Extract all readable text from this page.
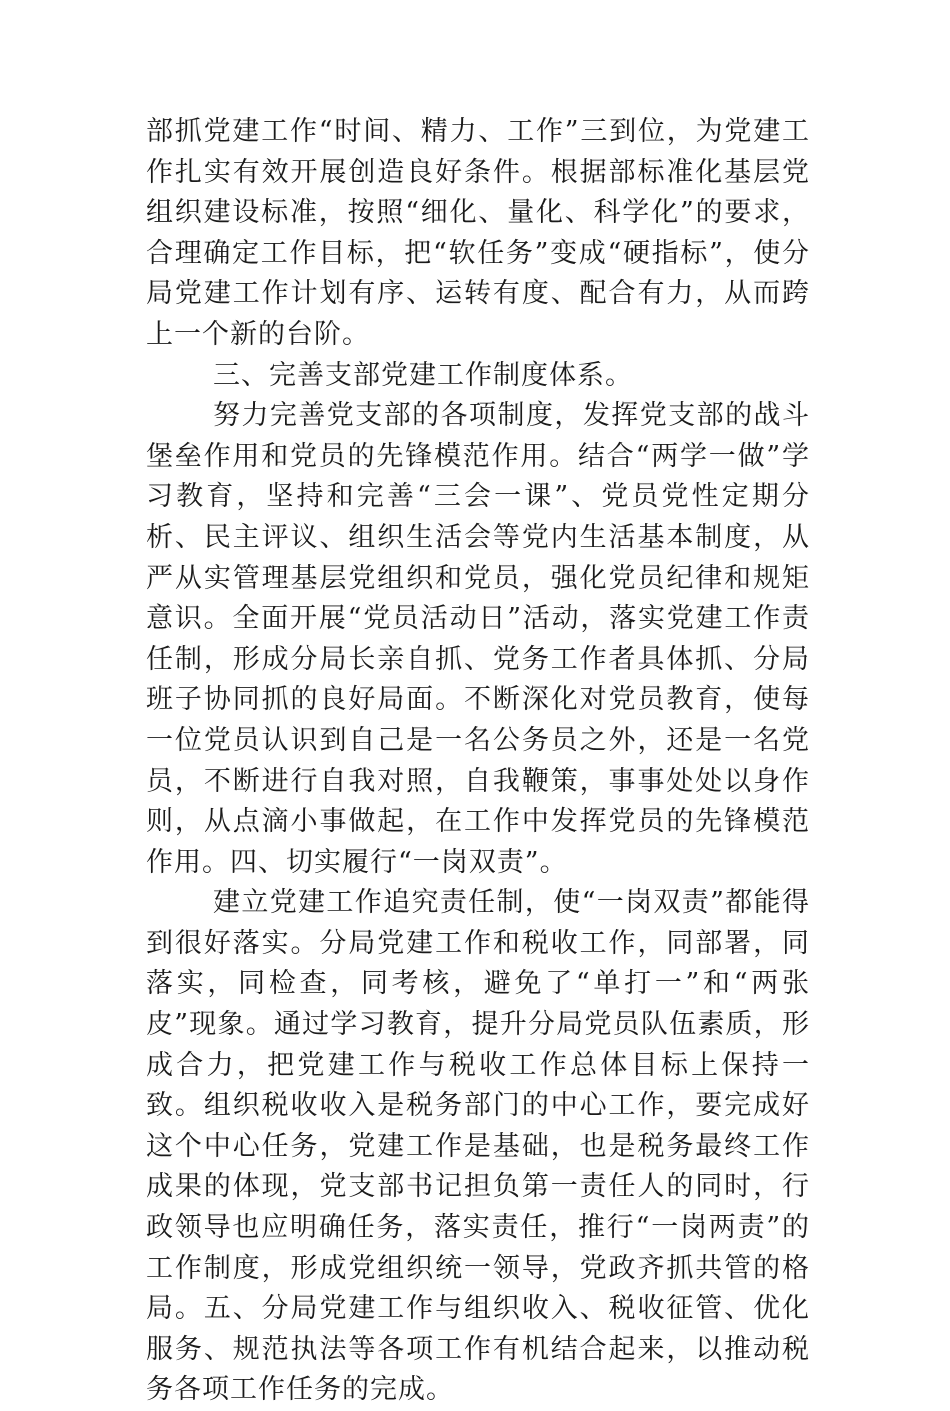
部抓党建工作“时间、精力、工作”三到位，为党建工作扎实有效开展创造良好条件。根据部标准化基层党组织建设标准，按照“细化、量化、科学化”的要求，合理确定工作目标，把“软任务”变成“硬指标”，使分局党建工作计划有序、运转有度、配合有力，从而跨上一个新的台阶。

三、完善支部党建工作制度体系。

努力完善党支部的各项制度，发挥党支部的战斗堡垒作用和党员的先锋模范作用。结合“两学一做”学习教育，坚持和完善“三会一课”、党员党性定期分析、民主评议、组织生活会等党内生活基本制度，从严从实管理基层党组织和党员，强化党员纪律和规矩意识。全面开展“党员活动日”活动，落实党建工作责任制，形成分局长亲自抓、党务工作者具体抓、分局班子协同抓的良好局面。不断深化对党员教育，使每一位党员认识到自己是一名公务员之外，还是一名党员，不断进行自我对照，自我鞭策，事事处处以身作则，从点滴小事做起，在工作中发挥党员的先锋模范作用。四、切实履行“一岗双责”。

建立党建工作追究责任制，使“一岗双责”都能得到很好落实。分局党建工作和税收工作，同部署，同落实，同检查，同考核，避免了“单打一”和“两张皮”现象。通过学习教育，提升分局党员队伍素质，形成合力，把党建工作与税收工作总体目标上保持一致。组织税收收入是税务部门的中心工作，要完成好这个中心任务，党建工作是基础，也是税务最终工作成果的体现，党支部书记担负第一责任人的同时，行政领导也应明确任务，落实责任，推行“一岗两责”的工作制度，形成党组织统一领导，党政齐抓共管的格局。五、分局党建工作与组织收入、税收征管、优化服务、规范执法等各项工作有机结合起来，以推动税务各项工作任务的完成。
